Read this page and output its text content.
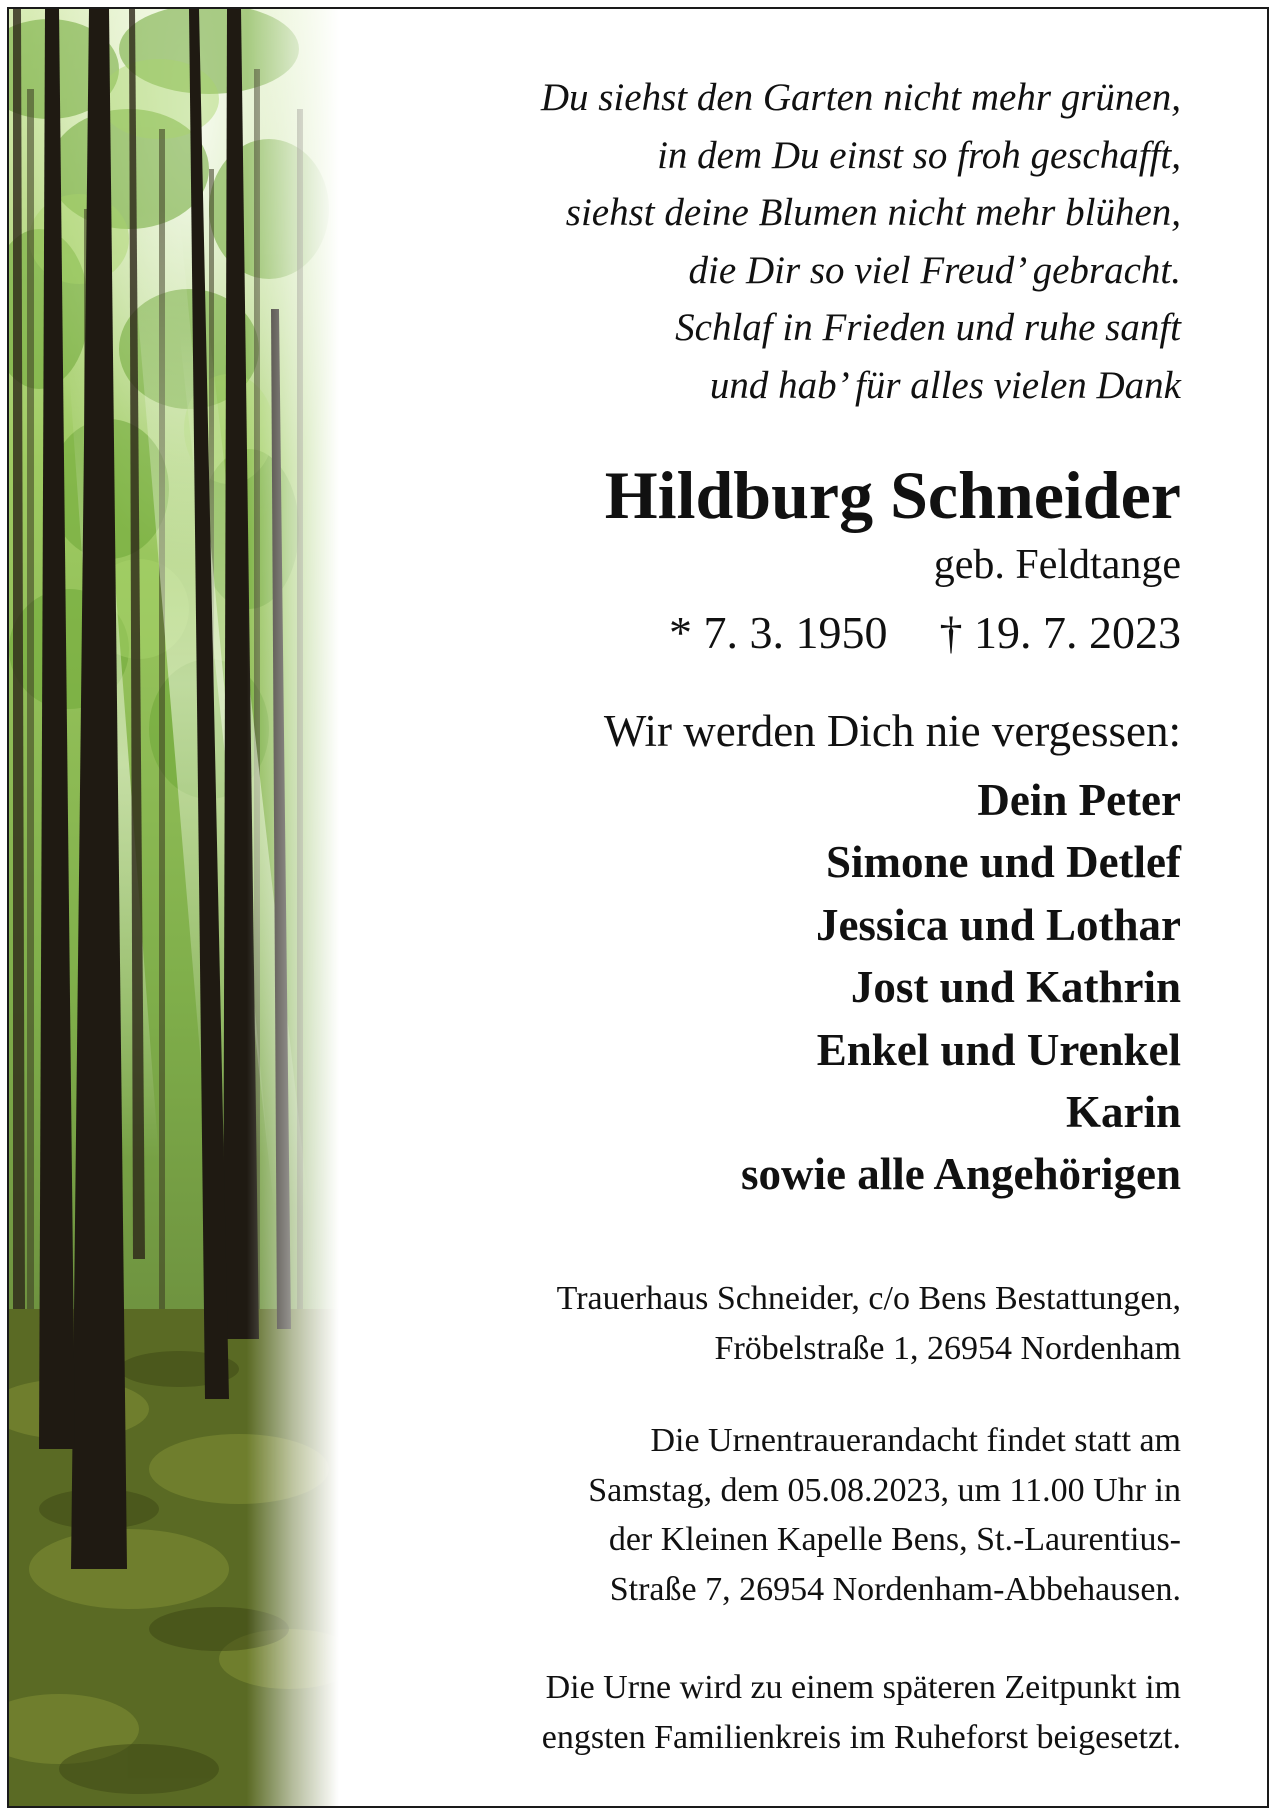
Du siehst den Garten nicht mehr grünen,
in dem Du einst so froh geschafft,
siehst deine Blumen nicht mehr blühen,
die Dir so viel Freud’ gebracht.
Schlaf in Frieden und ruhe sanft
und hab’ für alles vielen Dank
Hildburg Schneider
geb. Feldtange
* 7. 3. 1950 † 19. 7. 2023
Wir werden Dich nie vergessen:
Dein Peter
Simone und Detlef
Jessica und Lothar
Jost und Kathrin
Enkel und Urenkel
Karin
sowie alle Angehörigen
Trauerhaus Schneider, c/o Bens Bestattungen,
Fröbelstraße 1, 26954 Nordenham
Die Urnentrauerandacht findet statt am
Samstag, dem 05.08.2023, um 11.00 Uhr in
der Kleinen Kapelle Bens, St.-Laurentius-
Straße 7, 26954 Nordenham-Abbehausen.
Die Urne wird zu einem späteren Zeitpunkt im
engsten Familienkreis im Ruheforst beigesetzt.
